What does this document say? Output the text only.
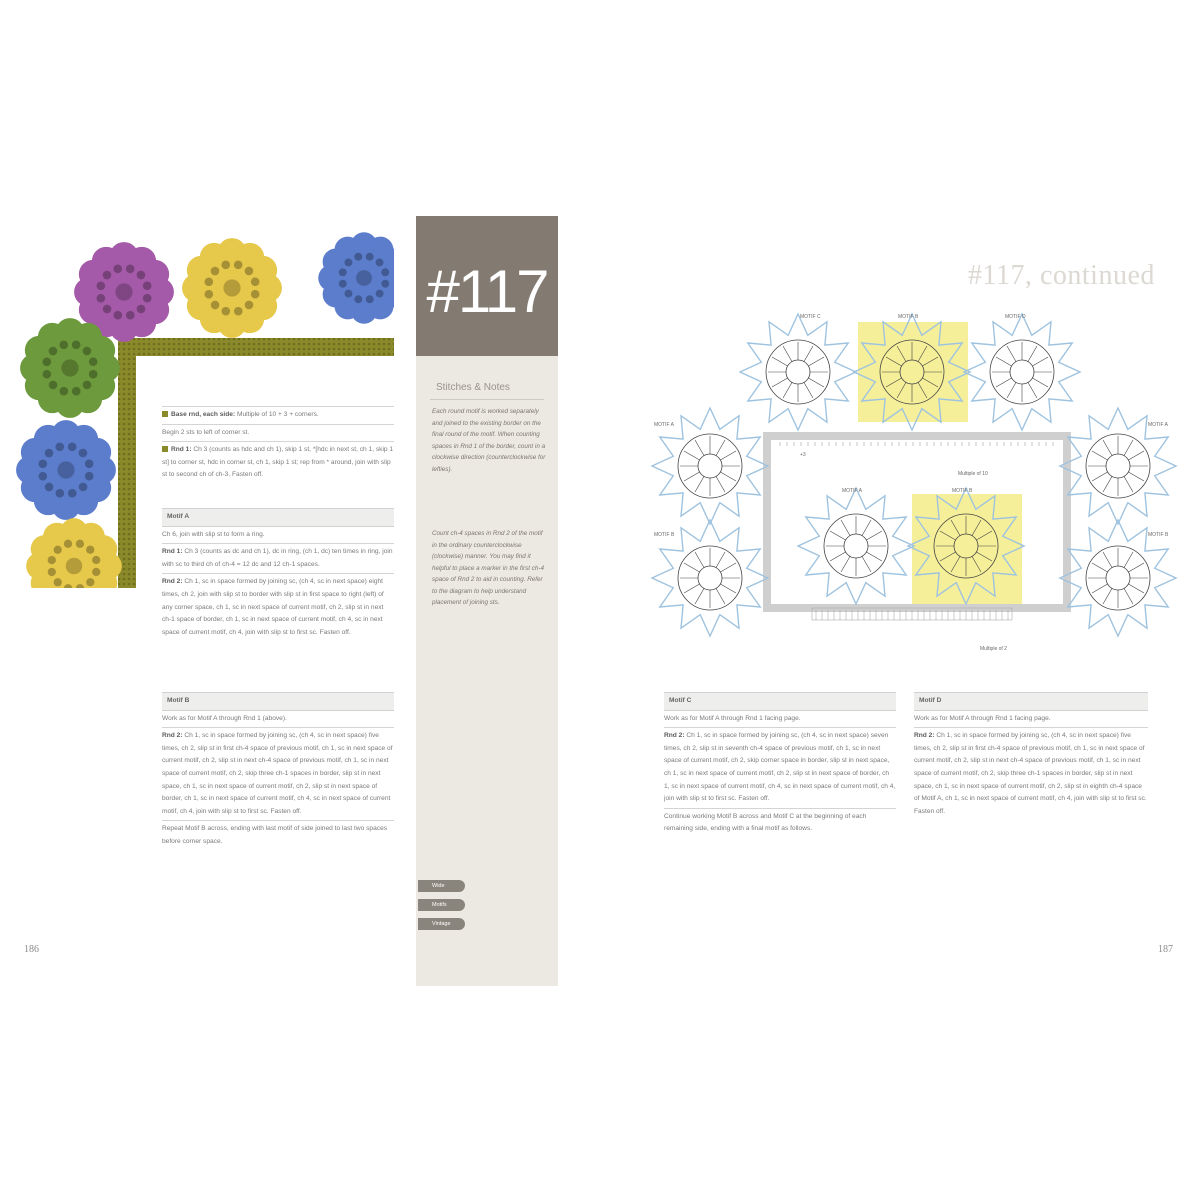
Base rnd, each side: Multiple of 10 + 3 + corners.

Begin 2 sts to left of corner st.

Rnd 1: Ch 3 (counts as hdc and ch 1), skip 1 st, *[hdc in next st, ch 1, skip 1 st] to corner st, hdc in corner st, ch 1, skip 1 st; rep from * around, join with slip st to second ch of ch-3. Fasten off.

Motif A

Ch 6, join with slip st to form a ring.

Rnd 1: Ch 3 (counts as dc and ch 1), dc in ring, (ch 1, dc) ten times in ring, join with sc to third ch of ch-4 = 12 dc and 12 ch-1 spaces.

Rnd 2: Ch 1, sc in space formed by joining sc, (ch 4, sc in next space) eight times, ch 2, join with slip st to border with slip st in first space to right (left) of any corner space, ch 1, sc in next space of current motif, ch 2, slip st in next ch-1 space of border, ch 1, sc in next space of current motif, ch 4, sc in next space of current motif, ch 4, join with slip st to first sc. Fasten off.

Motif B

Work as for Motif A through Rnd 1 (above).

Rnd 2: Ch 1, sc in space formed by joining sc, (ch 4, sc in next space) five times, ch 2, slip st in first ch-4 space of previous motif, ch 1, sc in next space of current motif, ch 2, slip st in next ch-4 space of previous motif, ch 1, sc in next space of current motif, ch 2, skip three ch-1 spaces in border, slip st in next space, ch 1, sc in next space of current motif, ch 2, slip st in next space of border, ch 1, sc in next space of current motif, ch 4, sc in next space of current motif, ch 4, join with slip st to first sc. Fasten off.

Repeat Motif B across, ending with last motif of side joined to last two spaces before corner space.

186
#117
Stitches & Notes

Each round motif is worked separately and joined to the existing border on the final round of the motif. When counting spaces in Rnd 1 of the border, count in a clockwise direction (counterclockwise for lefties).

Count ch-4 spaces in Rnd 2 of the motif in the ordinary counterclockwise (clockwise) manner. You may find it helpful to place a marker in the first ch-4 space of Rnd 2 to aid in counting. Refer to the diagram to help understand placement of joining sts.

Wide
Motifs
Vintage
#117, continued
MOTIF C	MOTIF B	MOTIF D
MOTIF A
MOTIF B
MOTIF A	MOTIF B
MOTIF A
MOTIF B
Multiple of 10
Multiple of 2
+3
Motif C

Work as for Motif A through Rnd 1 facing page.

Rnd 2: Ch 1, sc in space formed by joining sc, (ch 4, sc in next space) seven times, ch 2, slip st in seventh ch-4 space of previous motif, ch 1, sc in next space of current motif, ch 2, skip corner space in border, slip st in next space, ch 1, sc in next space of current motif, ch 2, slip st in next space of border, ch 1, sc in next space of current motif, ch 4, sc in next space of current motif, ch 4, join with slip st to first sc. Fasten off.

Continue working Motif B across and Motif C at the beginning of each remaining side, ending with a final motif as follows.

Motif D

Work as for Motif A through Rnd 1 facing page.

Rnd 2: Ch 1, sc in space formed by joining sc, (ch 4, sc in next space) five times, ch 2, slip st in first ch-4 space of previous motif, ch 1, sc in next space of current motif, ch 2, slip st in next ch-4 space of previous motif, ch 1, sc in next space of current motif, ch 2, skip three ch-1 spaces in border, slip st in next space, ch 1, sc in next space of current motif, ch 2, slip st in eighth ch-4 space of Motif A, ch 1, sc in next space of current motif, ch 4, join with slip st to first sc. Fasten off.

187
